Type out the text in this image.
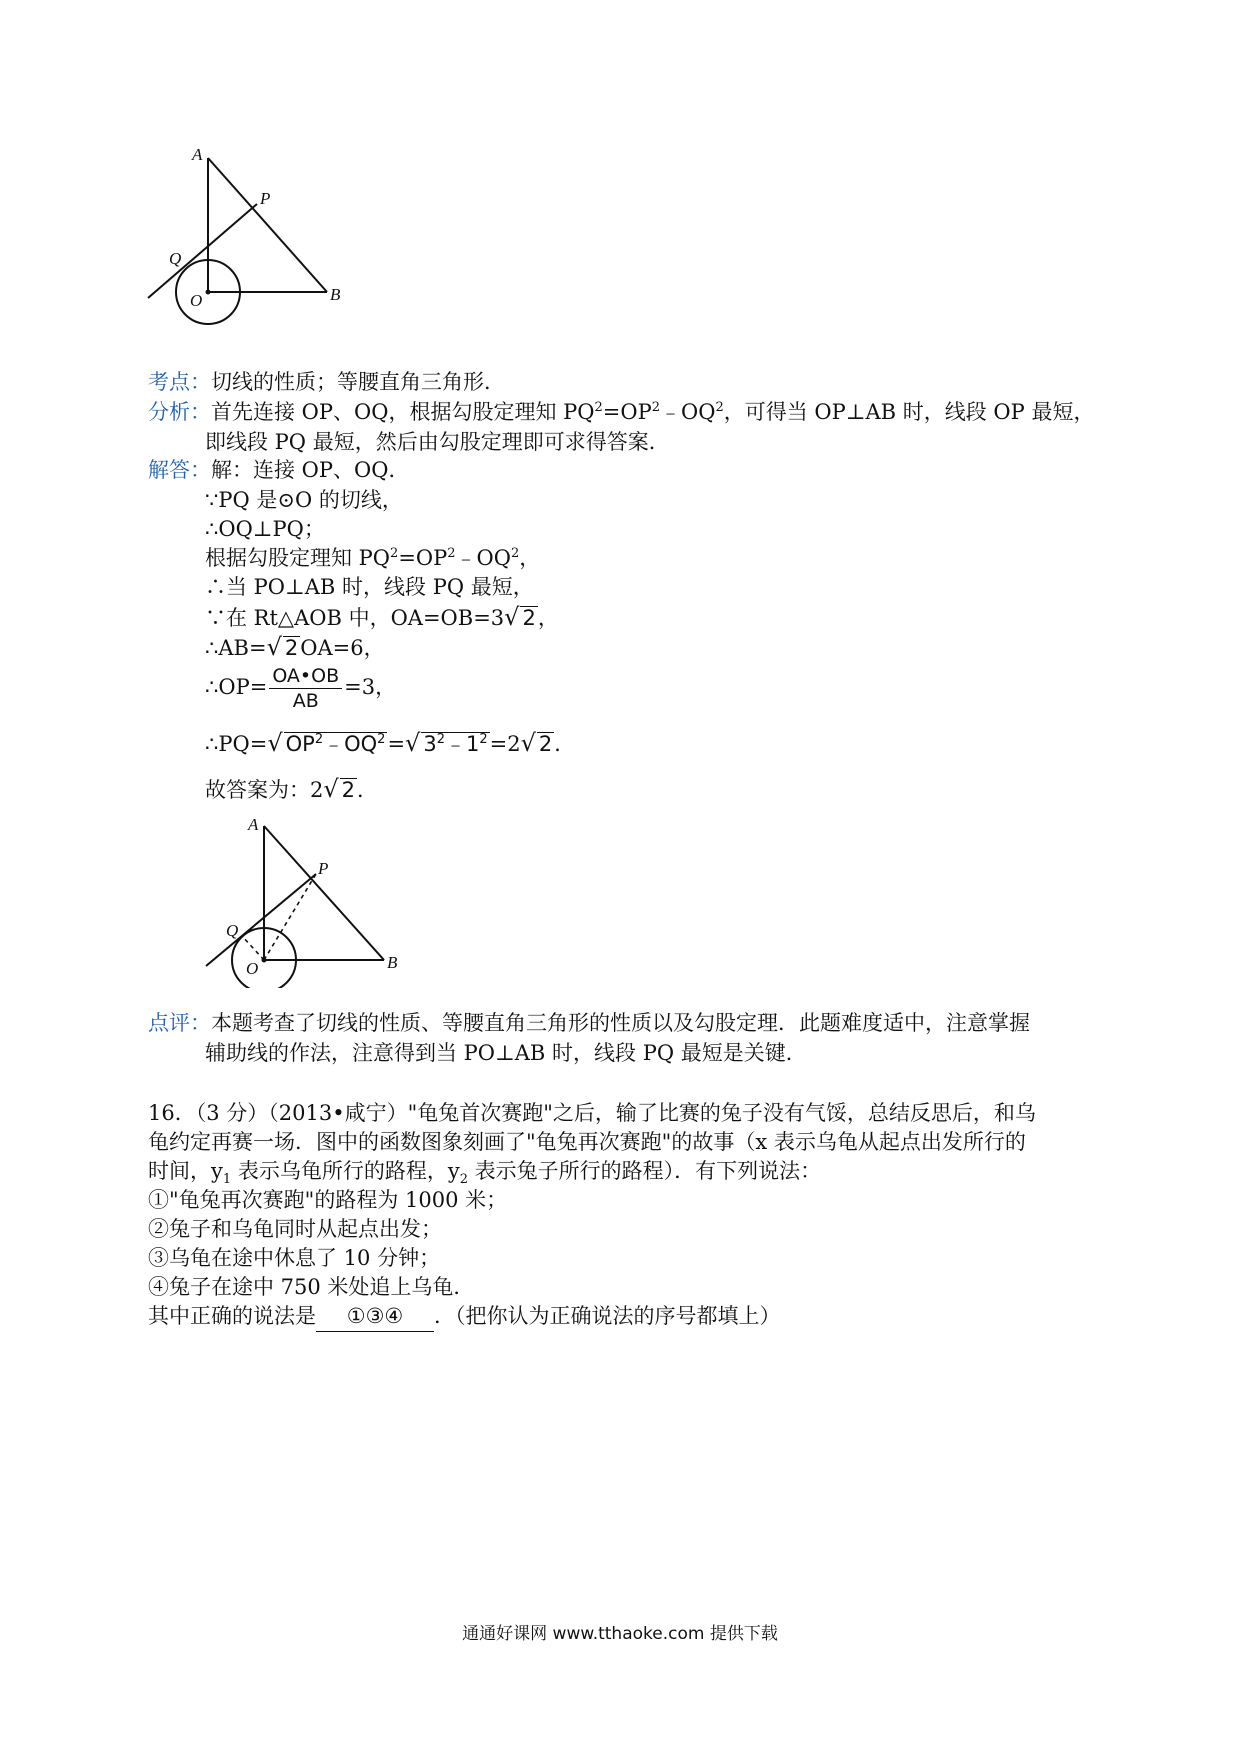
A
P
Q
O	B
考点：切线的性质；等腰直角三角形．
分析：首先连接 OP、OQ，根据勾股定理知 $PQ^2=OP^2﹣OQ^2$，可得当 OP⊥AB 时，线段 OP 最短，
即线段 PQ 最短，然后由勾股定理即可求得答案．
解答：解：连接 OP、OQ．
∵PQ 是⊙O 的切线，
∴OQ⊥PQ；
根据勾股定理知 $PQ^2=OP^2﹣OQ^2$，
∴当 PO⊥AB 时，线段 PQ 最短，
∵在 Rt△AOB 中，OA=OB=3√ 2，
∴AB=√ 2OA=6，
∴OP= $\frac{OA•OB}{AB} =3$，
∴PQ=√ $OP^2﹣OQ^2=√$ $3^2﹣1^2=2√$ 2．
故答案为：2√ 2．
A
P
Q
O	B
点评：本题考查了切线的性质、等腰直角三角形的性质以及勾股定理．此题难度适中，注意掌握
辅助线的作法，注意得到当 PO⊥AB 时，线段 PQ 最短是关键．
16．（3 分）（2013•咸宁）"龟兔首次赛跑"之后，输了比赛的兔子没有气馁，总结反思后，和乌
龟约定再赛一场．图中的函数图象刻画了"龟兔再次赛跑"的故事（x 表示乌龟从起点出发所行的
时间，$y_1$ 表示乌龟所行的路程，$y_2$ 表示兔子所行的路程）．有下列说法：
①"龟兔再次赛跑"的路程为 1000 米；
②兔子和乌龟同时从起点出发；
③乌龟在途中休息了 10 分钟；
④兔子在途中 750 米处追上乌龟．
其中正确的说法是 ①③④ ．（把你认为正确说法的序号都填上）
通通好课网 www.tthaoke.com 提供下载
